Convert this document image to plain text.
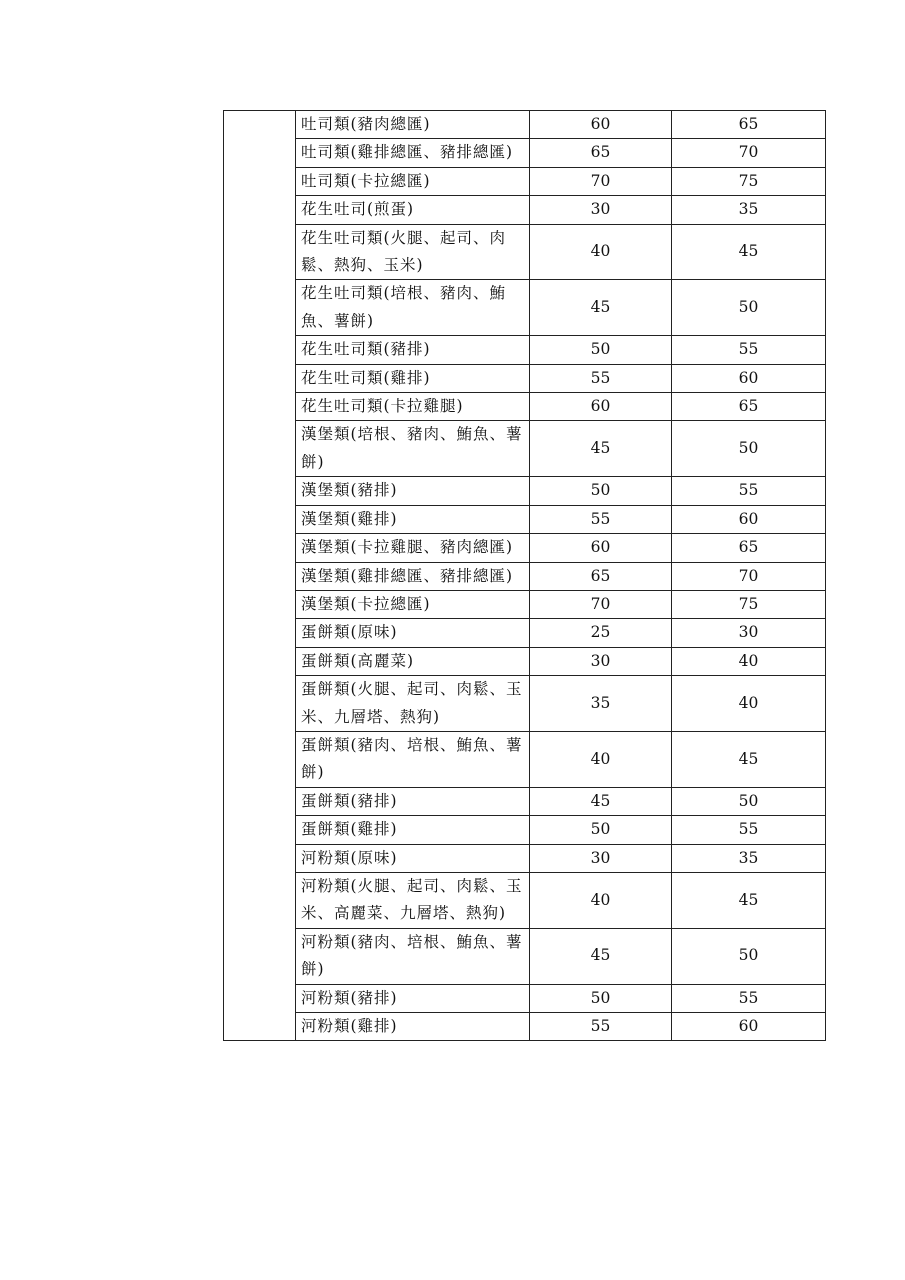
	吐司類(豬肉總匯)	60	65
	吐司類(雞排總匯、豬排總匯)	65	70
	吐司類(卡拉總匯)	70	75
	花生吐司(煎蛋)	30	35
	花生吐司類(火腿、起司、肉鬆、熱狗、玉米)	40	45
	花生吐司類(培根、豬肉、鮪魚、薯餅)	45	50
	花生吐司類(豬排)	50	55
	花生吐司類(雞排)	55	60
	花生吐司類(卡拉雞腿)	60	65
	漢堡類(培根、豬肉、鮪魚、薯餅)	45	50
	漢堡類(豬排)	50	55
	漢堡類(雞排)	55	60
	漢堡類(卡拉雞腿、豬肉總匯)	60	65
	漢堡類(雞排總匯、豬排總匯)	65	70
	漢堡類(卡拉總匯)	70	75
	蛋餅類(原味)	25	30
	蛋餅類(高麗菜)	30	40
	蛋餅類(火腿、起司、肉鬆、玉米、九層塔、熱狗)	35	40
	蛋餅類(豬肉、培根、鮪魚、薯餅)	40	45
	蛋餅類(豬排)	45	50
	蛋餅類(雞排)	50	55
	河粉類(原味)	30	35
	河粉類(火腿、起司、肉鬆、玉米、高麗菜、九層塔、熱狗)	40	45
	河粉類(豬肉、培根、鮪魚、薯餅)	45	50
	河粉類(豬排)	50	55
	河粉類(雞排)	55	60
